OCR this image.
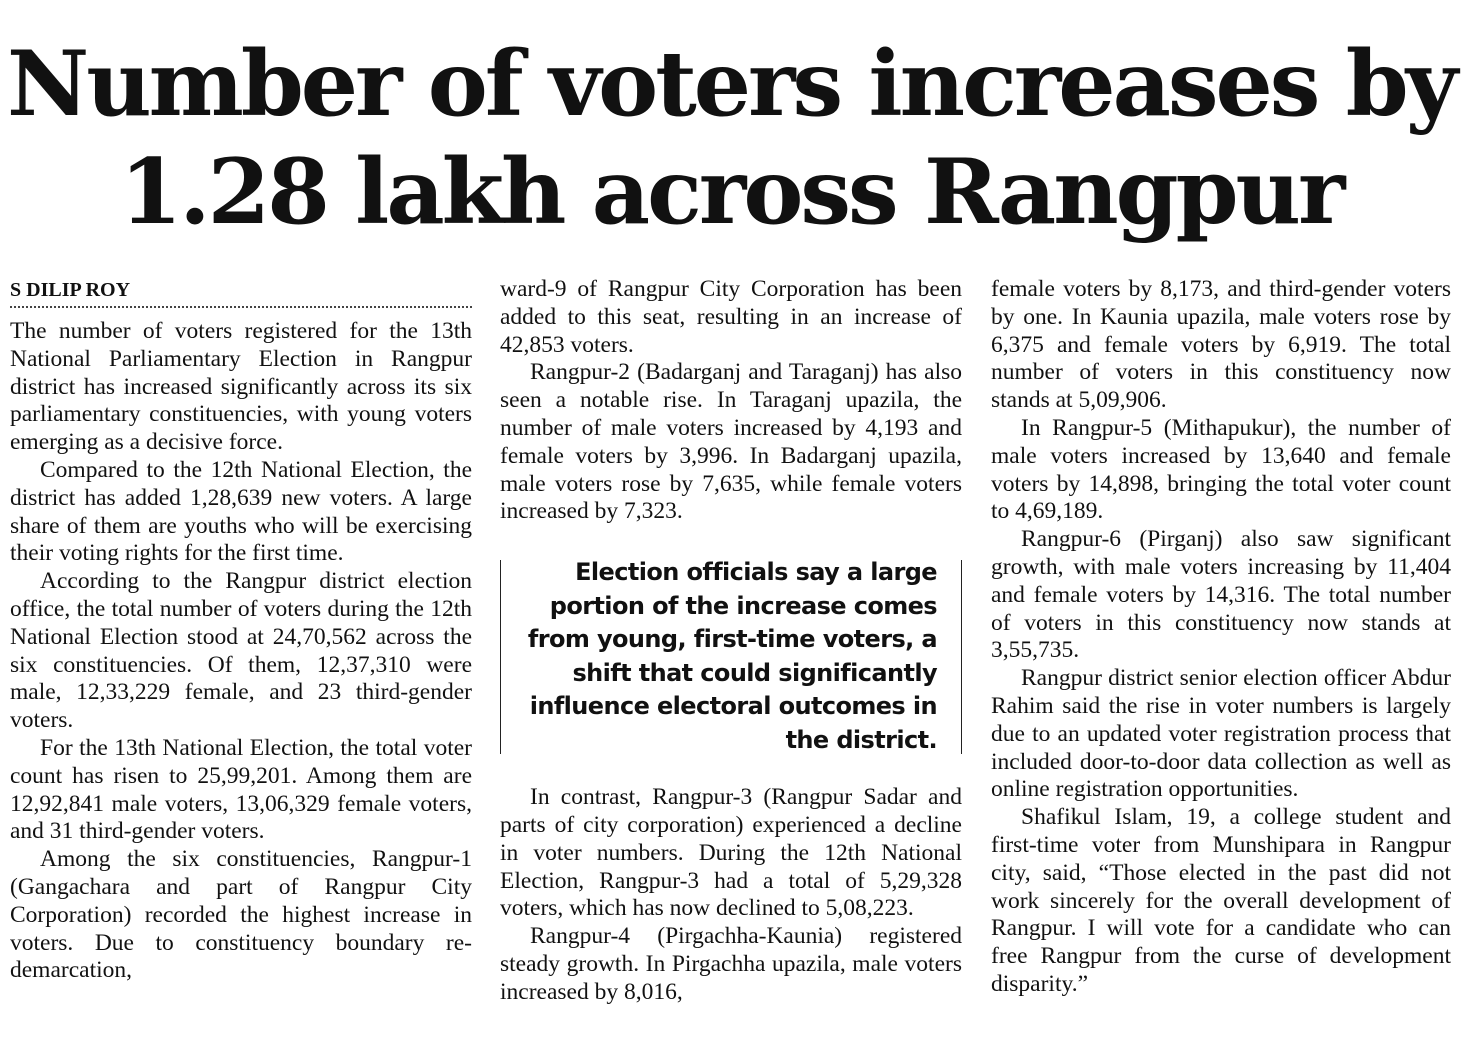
Number of voters increases by
1.28 lakh across Rangpur
S DILIP ROY

The number of voters registered for the 13th National Parliamentary Election in Rangpur district has increased significantly across its six parliamentary constituencies, with young voters emerging as a decisive force.

Compared to the 12th National Election, the district has added 1,28,639 new voters. A large share of them are youths who will be exercising their voting rights for the first time.

According to the Rangpur district election office, the total number of voters during the 12th National Election stood at 24,70,562 across the six constituencies. Of them, 12,37,310 were male, 12,33,229 female, and 23 third-gender voters.

For the 13th National Election, the total voter count has risen to 25,99,201. Among them are 12,92,841 male voters, 13,06,329 female voters, and 31 third-gender voters.

Among the six constituencies, Rangpur-1 (Gangachara and part of Rangpur City Corporation) recorded the highest increase in voters. Due to constituency boundary re-demarcation,

ward-9 of Rangpur City Corporation has been added to this seat, resulting in an increase of 42,853 voters.

Rangpur-2 (Badarganj and Taraganj) has also seen a notable rise. In Taraganj upazila, the number of male voters increased by 4,193 and female voters by 3,996. In Badarganj upazila, male voters rose by 7,635, while female voters increased by 7,323.

Election officials say a large portion of the increase comes from young, first-time voters, a shift that could significantly influence electoral outcomes in the district.

In contrast, Rangpur-3 (Rangpur Sadar and parts of city corporation) experienced a decline in voter numbers. During the 12th National Election, Rangpur-3 had a total of 5,29,328 voters, which has now declined to 5,08,223.

Rangpur-4 (Pirgachha-Kaunia) registered steady growth. In Pirgachha upazila, male voters increased by 8,016,

female voters by 8,173, and third-gender voters by one. In Kaunia upazila, male voters rose by 6,375 and female voters by 6,919. The total number of voters in this constituency now stands at 5,09,906.

In Rangpur-5 (Mithapukur), the number of male voters increased by 13,640 and female voters by 14,898, bringing the total voter count to 4,69,189.

Rangpur-6 (Pirganj) also saw significant growth, with male voters increasing by 11,404 and female voters by 14,316. The total number of voters in this constituency now stands at 3,55,735.

Rangpur district senior election officer Abdur Rahim said the rise in voter numbers is largely due to an updated voter registration process that included door-to-door data collection as well as online registration opportunities.

Shafikul Islam, 19, a college student and first-time voter from Munshipara in Rangpur city, said, “Those elected in the past did not work sincerely for the overall development of Rangpur. I will vote for a candidate who can free Rangpur from the curse of development disparity.”
